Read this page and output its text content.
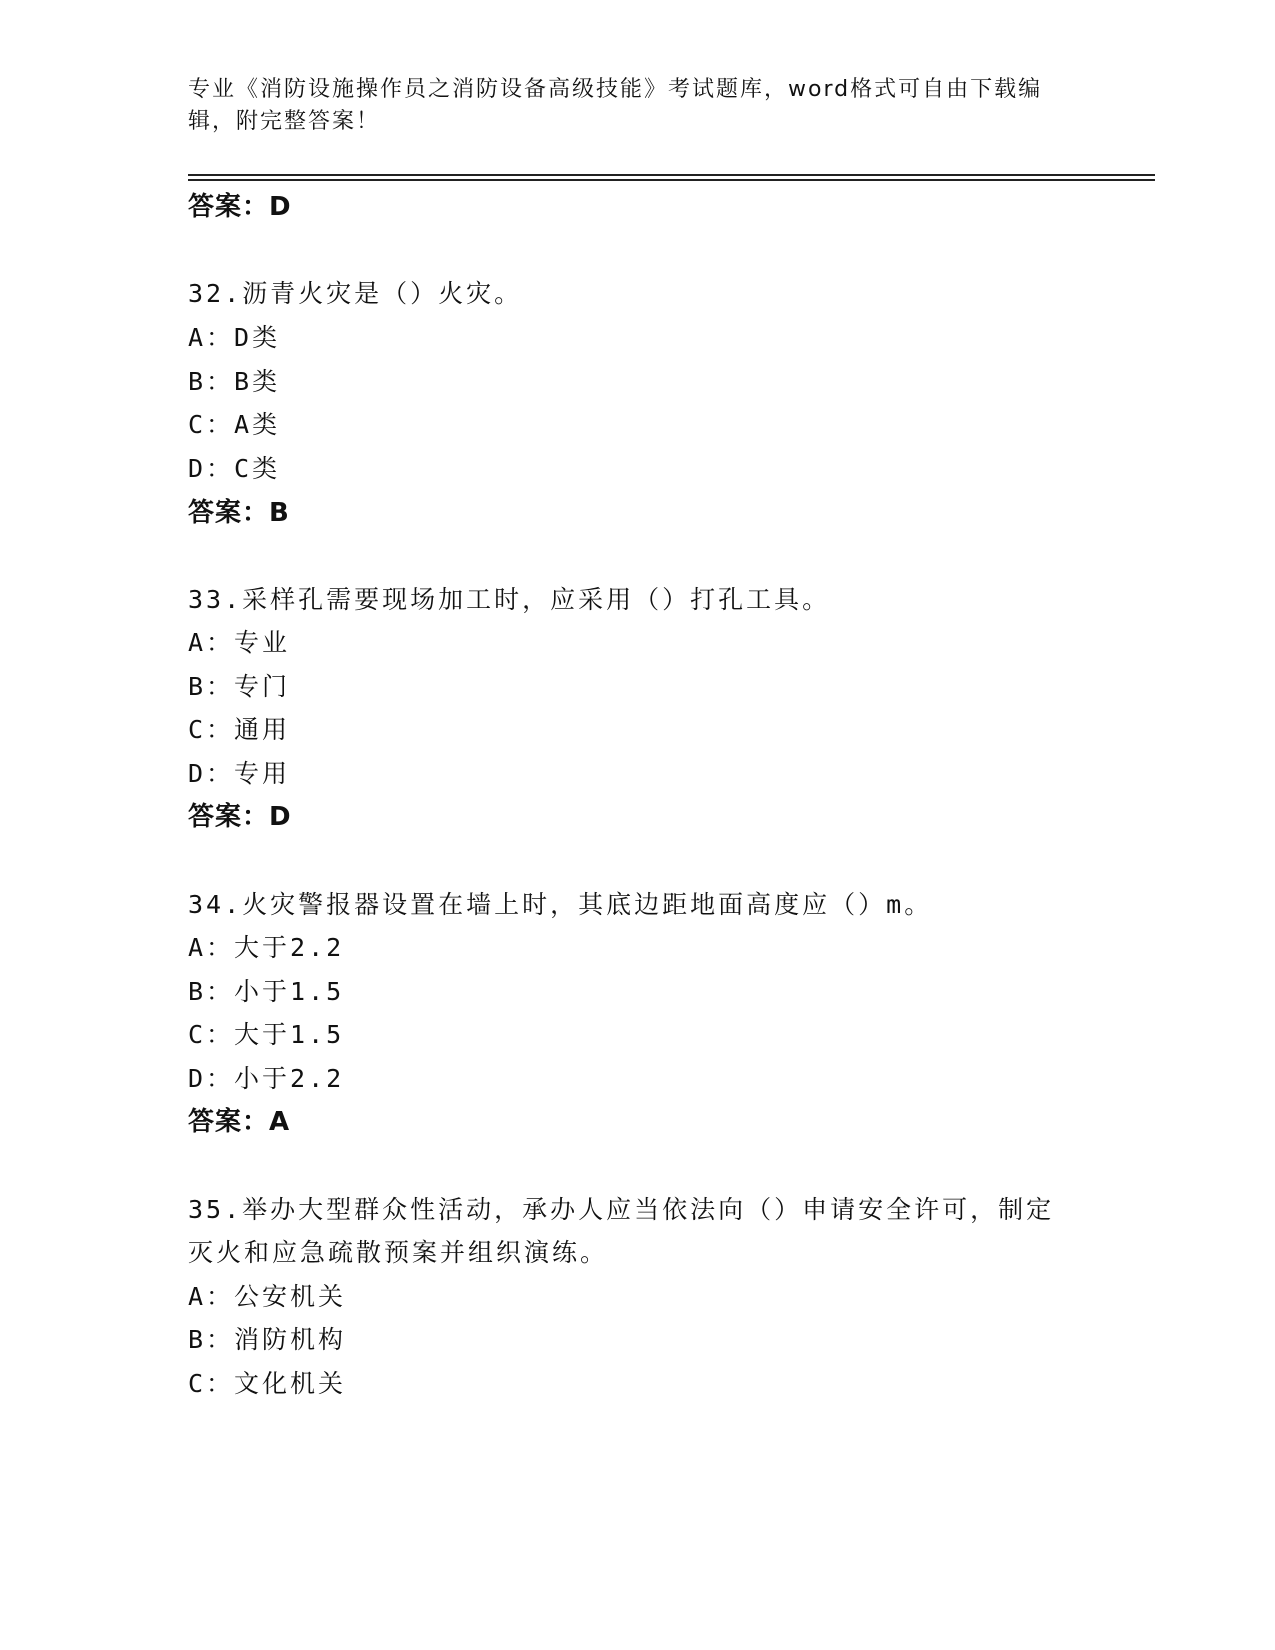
专业《消防设施操作员之消防设备高级技能》考试题库，word格式可自由下载编辑，附完整答案！
答案：D
32.沥青火灾是（）火灾。
A：D类
B：B类
C：A类
D：C类
答案：B
33.采样孔需要现场加工时，应采用（）打孔工具。
A：专业
B：专门
C：通用
D：专用
答案：D
34.火灾警报器设置在墙上时，其底边距地面高度应（）m。
A：大于2.2
B：小于1.5
C：大于1.5
D：小于2.2
答案：A
35.举办大型群众性活动，承办人应当依法向（）申请安全许可，制定
灭火和应急疏散预案并组织演练。
A：公安机关
B：消防机构
C：文化机关
